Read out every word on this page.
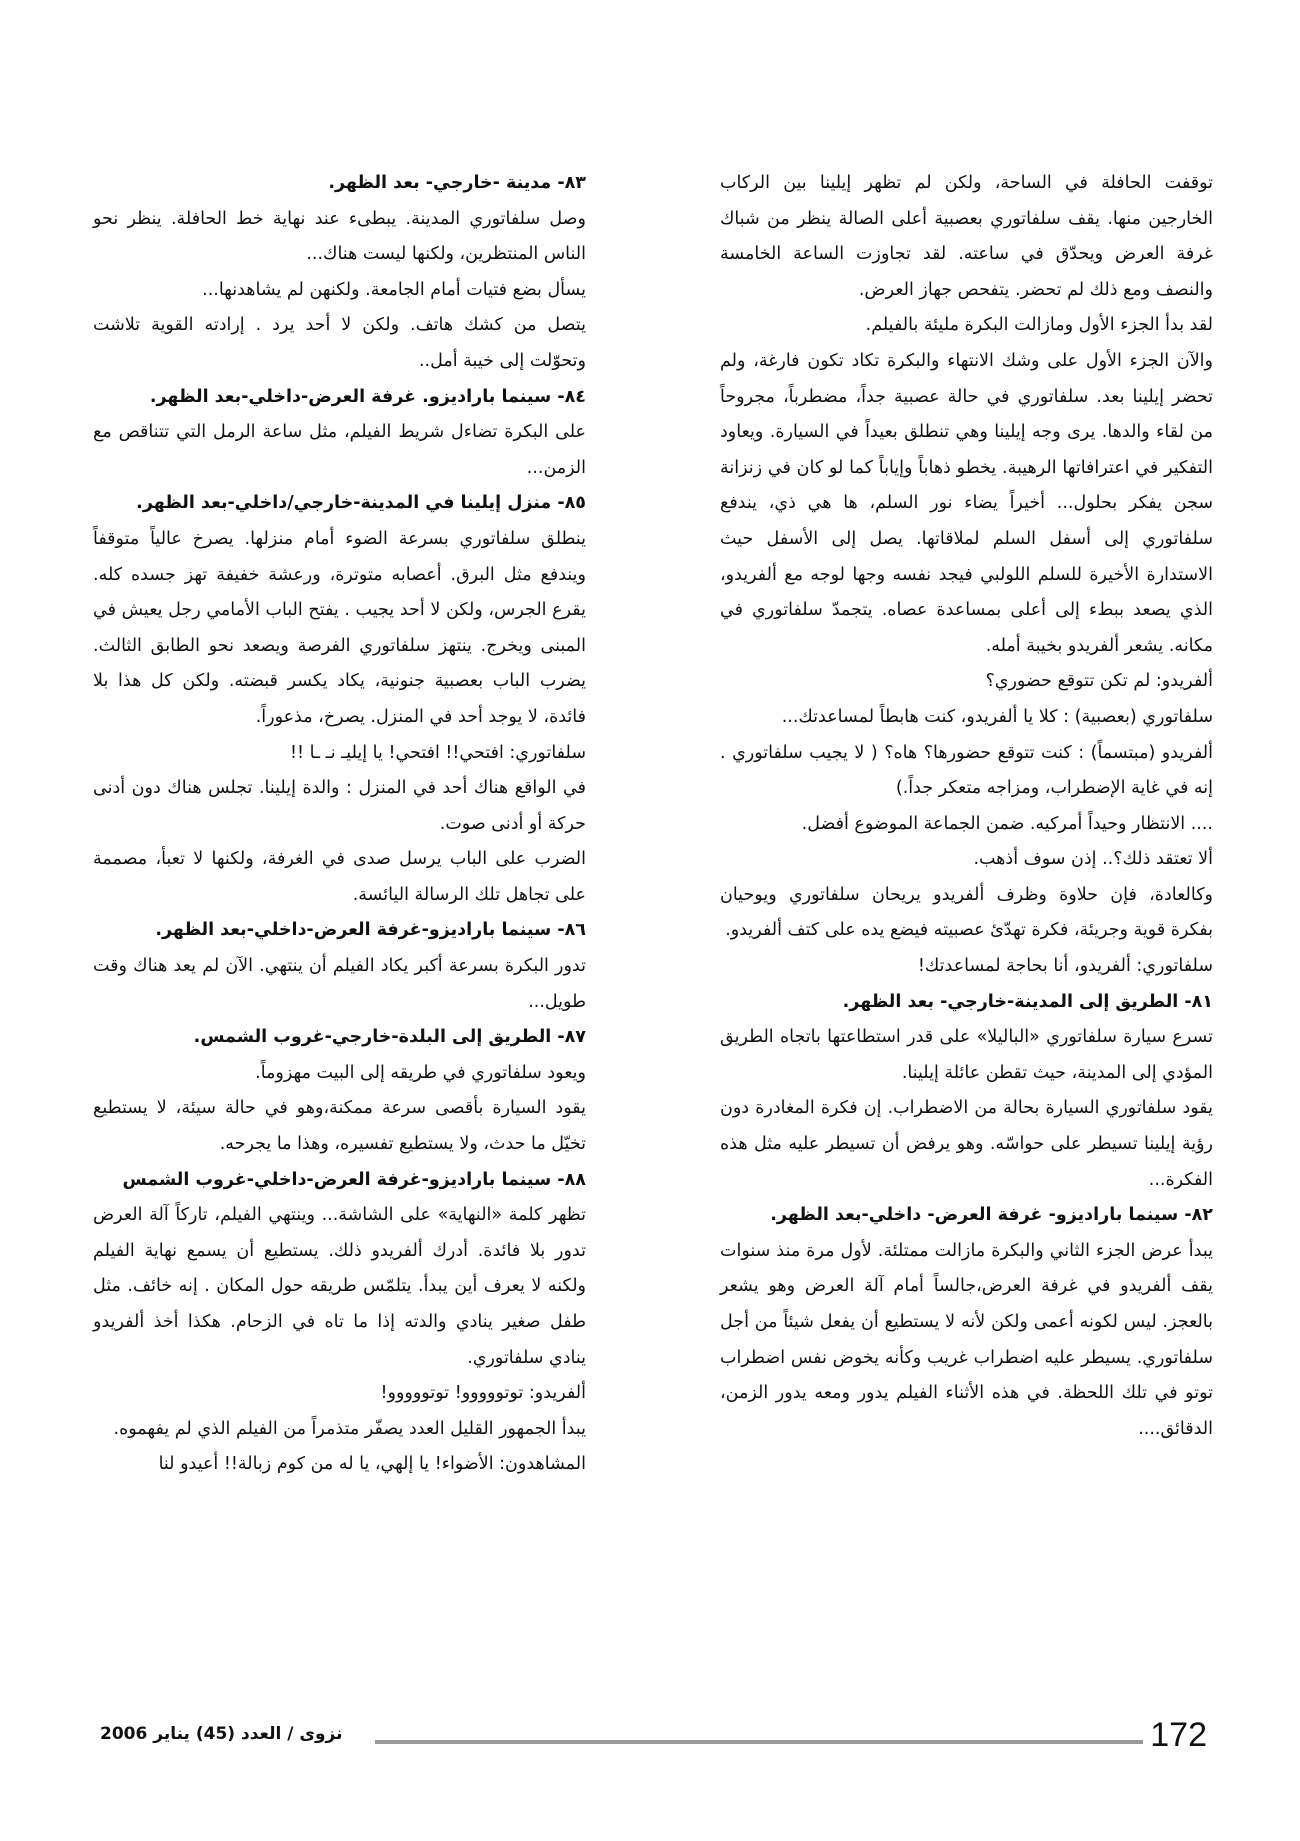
توقفت الحافلة في الساحة، ولكن لم تظهر إيلينا بين الركاب الخارجين منها. يقف سلفاتوري بعصبية أعلى الصالة ينظر من شباك غرفة العرض ويحدّق في ساعته. لقد تجاوزت الساعة الخامسة والنصف ومع ذلك لم تحضر. يتفحص جهاز العرض.

لقد بدأ الجزء الأول ومازالت البكرة مليئة بالفيلم.

والآن الجزء الأول على وشك الانتهاء والبكرة تكاد تكون فارغة، ولم تحضر إيلينا بعد. سلفاتوري في حالة عصبية جداً، مضطرباً، مجروحاً من لقاء والدها. يرى وجه إيلينا وهي تنطلق بعيداً في السيارة. ويعاود التفكير في اعترافاتها الرهيبة. يخطو ذهاباً وإياباً كما لو كان في زنزانة سجن يفكر بحلول... أخيراً يضاء نور السلم، ها هي ذي، يندفع سلفاتوري إلى أسفل السلم لملاقاتها. يصل إلى الأسفل حيث الاستدارة الأخيرة للسلم اللولبي فيجد نفسه وجها لوجه مع ألفريدو، الذي يصعد ببطء إلى أعلى بمساعدة عصاه. يتجمدّ سلفاتوري في مكانه. يشعر ألفريدو بخيبة أمله.

ألفريدو: لم تكن تتوقع حضوري؟

سلفاتوري (بعصبية) : كلا يا ألفريدو، كنت هابطاً لمساعدتك...

ألفريدو (مبتسماً) : كنت تتوقع حضورها؟ هاه؟ ( لا يجيب سلفاتوري . إنه في غاية الإضطراب، ومزاجه متعكر جداً.)

.... الانتظار وحيداً أمركيه. ضمن الجماعة الموضوع أفضل.

ألا تعتقد ذلك؟.. إذن سوف أذهب.

وكالعادة، فإن حلاوة وظرف ألفريدو يريحان سلفاتوري ويوحيان بفكرة قوية وجريئة، فكرة تهدّئ عصبيته فيضع يده على كتف ألفريدو.

سلفاتوري: ألفريدو، أنا بحاجة لمساعدتك!

٨١- الطريق إلى المدينة-خارجي- بعد الظهر.

تسرع سيارة سلفاتوري «الباليلا» على قدر استطاعتها باتجاه الطريق المؤدي إلى المدينة، حيث تقطن عائلة إيلينا.

يقود سلفاتوري السيارة بحالة من الاضطراب. إن فكرة المغادرة دون رؤية إيلينا تسيطر على حواسّه. وهو يرفض أن تسيطر عليه مثل هذه الفكرة...

٨٢- سينما باراديزو- غرفة العرض- داخلي-بعد الظهر.

يبدأ عرض الجزء الثاني والبكرة مازالت ممتلئة. لأول مرة منذ سنوات يقف ألفريدو في غرفة العرض،جالساً أمام آلة العرض وهو يشعر بالعجز. ليس لكونه أعمى ولكن لأنه لا يستطيع أن يفعل شيئاً من أجل سلفاتوري. يسيطر عليه اضطراب غريب وكأنه يخوض نفس اضطراب توتو في تلك اللحظة. في هذه الأثناء الفيلم يدور ومعه يدور الزمن، الدقائق....

٨٣- مدينة -خارجي- بعد الظهر.

وصل سلفاتوري المدينة. يبطىء عند نهاية خط الحافلة. ينظر نحو الناس المنتظرين، ولكنها ليست هناك...

يسأل بضع فتيات أمام الجامعة. ولكنهن لم يشاهدنها...

يتصل من كشك هاتف. ولكن لا أحد يرد . إرادته القوية تلاشت وتحوّلت إلى خيبة أمل..

٨٤- سينما باراديزو. غرفة العرض-داخلي-بعد الظهر.

على البكرة تضاءل شريط الفيلم، مثل ساعة الرمل التي تتناقص مع الزمن...

٨٥- منزل إيلينا في المدينة-خارجي/داخلي-بعد الظهر.

ينطلق سلفاتوري بسرعة الضوء أمام منزلها. يصرخ عالياً متوقفاً ويندفع مثل البرق. أعصابه متوترة، ورعشة خفيفة تهز جسده كله. يقرع الجرس، ولكن لا أحد يجيب . يفتح الباب الأمامي رجل يعيش في المبنى ويخرج. ينتهز سلفاتوري الفرصة ويصعد نحو الطابق الثالث. يضرب الباب بعصبية جنونية، يكاد يكسر قبضته. ولكن كل هذا بلا فائدة، لا يوجد أحد في المنزل. يصرخ، مذعوراً.

سلفاتوري: افتحي!! افتحي! يا إيليـ نـ ـا !!

في الواقع هناك أحد في المنزل : والدة إيلينا. تجلس هناك دون أدنى حركة أو أدنى صوت.

الضرب على الباب يرسل صدى في الغرفة، ولكنها لا تعبأ، مصممة على تجاهل تلك الرسالة اليائسة.

٨٦- سينما باراديزو-غرفة العرض-داخلي-بعد الظهر.

تدور البكرة بسرعة أكبر يكاد الفيلم أن ينتهي. الآن لم يعد هناك وقت طويل...

٨٧- الطريق إلى البلدة-خارجي-غروب الشمس.

ويعود سلفاتوري في طريقه إلى البيت مهزوماً.

يقود السيارة بأقصى سرعة ممكنة،وهو في حالة سيئة، لا يستطيع تخيّل ما حدث، ولا يستطيع تفسيره، وهذا ما يجرحه.

٨٨- سينما باراديزو-غرفة العرض-داخلي-غروب الشمس

تظهر كلمة «النهاية» على الشاشة... وينتهي الفيلم، تاركاً آلة العرض تدور بلا فائدة. أدرك ألفريدو ذلك. يستطيع أن يسمع نهاية الفيلم ولكنه لا يعرف أين يبدأ. يتلمّس طريقه حول المكان . إنه خائف. مثل طفل صغير ينادي والدته إذا ما تاه في الزحام. هكذا أخذ ألفريدو ينادي سلفاتوري.

ألفريدو: توتووووو! توتووووو!

يبدأ الجمهور القليل العدد يصفّر متذمراً من الفيلم الذي لم يفهموه.

المشاهدون: الأضواء! يا إلهي، يا له من كوم زبالة!! أعيدو لنا

172
نزوى / العدد (45) يناير 2006
